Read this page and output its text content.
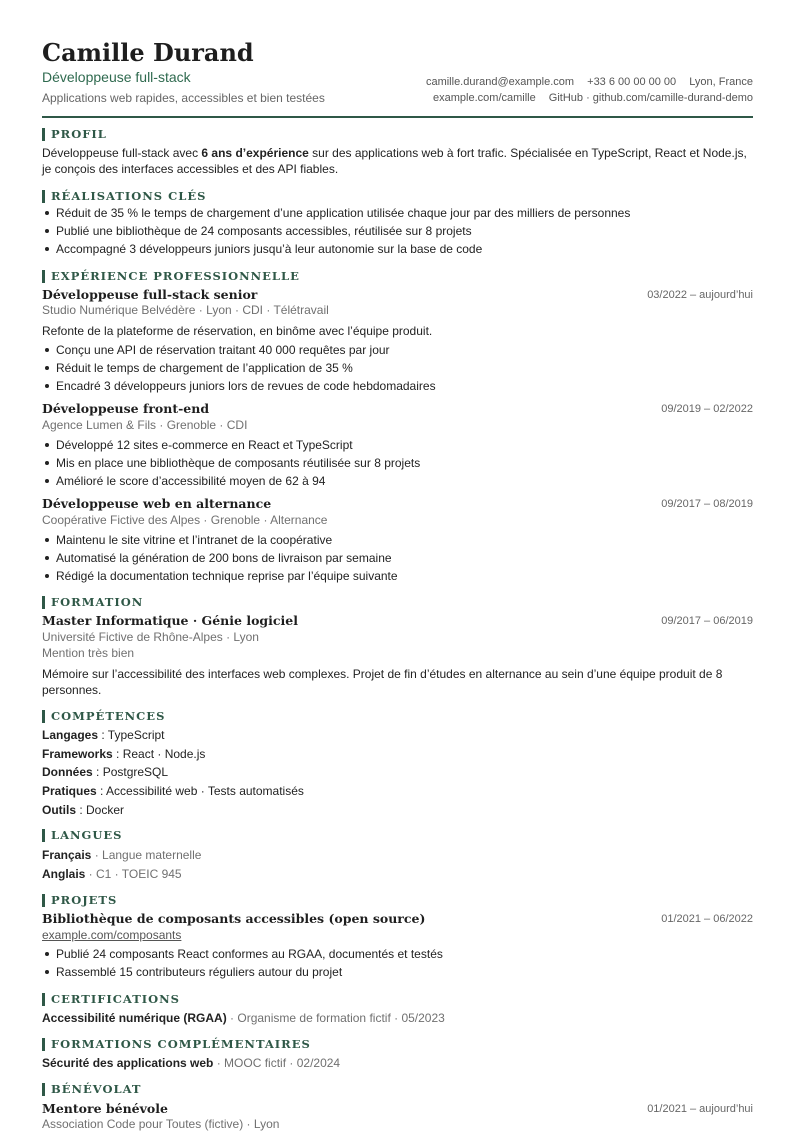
Camille Durand
Développeuse full-stack
Applications web rapides, accessibles et bien testées
camille.durand@example.com +33 6 00 00 00 00 Lyon, France
example.com/camille GitHub · github.com/camille-durand-demo
PROFIL
Développeuse full-stack avec 6 ans d’expérience sur des applications web à fort trafic. Spécialisée en TypeScript, React et Node.js, je conçois des interfaces accessibles et des API fiables.
RÉALISATIONS CLÉS
Réduit de 35 % le temps de chargement d’une application utilisée chaque jour par des milliers de personnes
Publié une bibliothèque de 24 composants accessibles, réutilisée sur 8 projets
Accompagné 3 développeurs juniors jusqu’à leur autonomie sur la base de code
EXPÉRIENCE PROFESSIONNELLE
Développeuse full-stack senior	03/2022 – aujourd’hui
Studio Numérique Belvédère · Lyon · CDI · Télétravail
Refonte de la plateforme de réservation, en binôme avec l’équipe produit.
Conçu une API de réservation traitant 40 000 requêtes par jour
Réduit le temps de chargement de l’application de 35 %
Encadré 3 développeurs juniors lors de revues de code hebdomadaires
Développeuse front-end	09/2019 – 02/2022
Agence Lumen & Fils · Grenoble · CDI
Développé 12 sites e-commerce en React et TypeScript
Mis en place une bibliothèque de composants réutilisée sur 8 projets
Amélioré le score d’accessibilité moyen de 62 à 94
Développeuse web en alternance	09/2017 – 08/2019
Coopérative Fictive des Alpes · Grenoble · Alternance
Maintenu le site vitrine et l’intranet de la coopérative
Automatisé la génération de 200 bons de livraison par semaine
Rédigé la documentation technique reprise par l’équipe suivante
FORMATION
Master Informatique · Génie logiciel	09/2017 – 06/2019
Université Fictive de Rhône-Alpes · Lyon
Mention très bien
Mémoire sur l’accessibilité des interfaces web complexes. Projet de fin d’études en alternance au sein d’une équipe produit de 8 personnes.
COMPÉTENCES
Langages : TypeScript
Frameworks : React · Node.js
Données : PostgreSQL
Pratiques : Accessibilité web · Tests automatisés
Outils : Docker
LANGUES
Français · Langue maternelle
Anglais · C1 · TOEIC 945
PROJETS
Bibliothèque de composants accessibles (open source)	01/2021 – 06/2022
example.com/composants
Publié 24 composants React conformes au RGAA, documentés et testés
Rassemblé 15 contributeurs réguliers autour du projet
CERTIFICATIONS
Accessibilité numérique (RGAA) · Organisme de formation fictif · 05/2023
FORMATIONS COMPLÉMENTAIRES
Sécurité des applications web · MOOC fictif · 02/2024
BÉNÉVOLAT
Mentore bénévole	01/2021 – aujourd’hui
Association Code pour Toutes (fictive) · Lyon
